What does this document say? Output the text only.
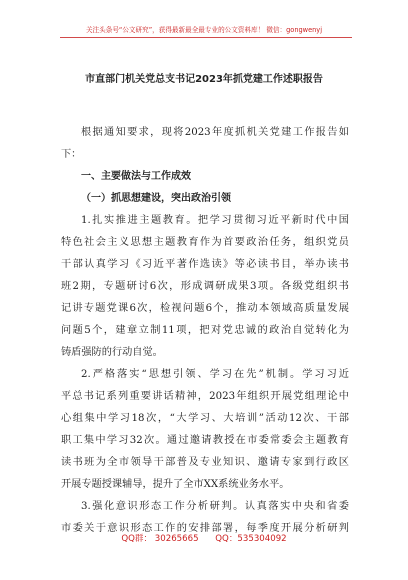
关注头条号“公文研究”，获得最新最全最专业的公文资料库！ 微信：gongwenyj
市直部门机关党总支书记2023年抓党建工作述职报告
根据通知要求，现将2023年度抓机关党建工作报告如
下：
一、主要做法与工作成效
（一）抓思想建设，突出政治引领
1.扎实推进主题教育。把学习贯彻习近平新时代中国
特色社会主义思想主题教育作为首要政治任务，组织党员
干部认真学习《习近平著作选读》等必读书目，举办读书
班2期，专题研讨6次，形成调研成果3项。各级党组织书
记讲专题党课6次，检视问题6个，推动本领域高质量发展
问题5个，建章立制11项，把对党忠诚的政治自觉转化为
铸盾强防的行动自觉。
2.严格落实“思想引领、学习在先”机制。学习习近
平总书记系列重要讲话精神，2023年组织开展党组理论中
心组集中学习18次，“大学习、大培训”活动12次、干部
职工集中学习32次。通过邀请教授在市委常委会主题教育
读书班为全市领导干部普及专业知识、邀请专家到行政区
开展专题授课辅导，提升了全市XX系统业务水平。
3.强化意识形态工作分析研判。认真落实中央和省委
市委关于意识形态工作的安排部署，每季度开展分析研判
QQ群： 30265665 QQ：535304092
